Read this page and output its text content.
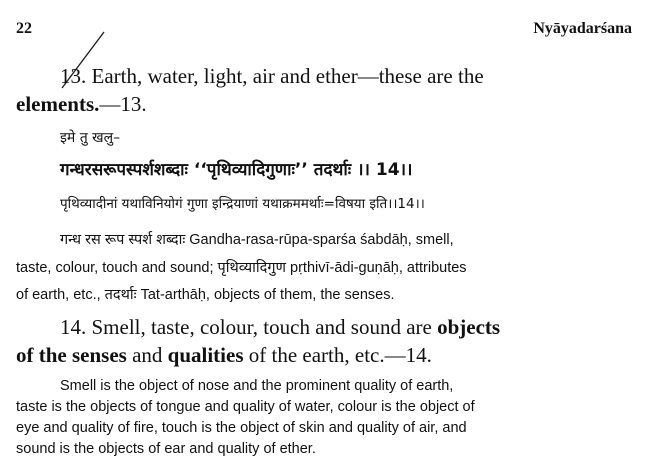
22	Nyāyadarśana
13. Earth, water, light, air and ether—these are the
elements.—13.
इमे तु खलु–
गन्धरसरूपस्पर्शशब्दाः ‘‘पृथिव्यादिगुणाः’’ तदर्थाः ।। 14।।
पृथिव्यादीनां यथाविनियोगं गुणा इन्द्रियाणां यथाक्रममर्थाः=विषया इति।।14।।
गन्ध रस रूप स्पर्श शब्दाः Gandha-rasa-rūpa-sparśa śabdāḥ, smell,
taste, colour, touch and sound; पृथिव्यादिगुण pṛthivī-ādi-guṇāḥ, attributes
of earth, etc., तदर्थाः Tat-arthāḥ, objects of them, the senses.
14. Smell, taste, colour, touch and sound are objects
of the senses and qualities of the earth, etc.—14.
Smell is the object of nose and the prominent quality of earth,
taste is the objects of tongue and quality of water, colour is the object of
eye and quality of fire, touch is the object of skin and quality of air, and
sound is the objects of ear and quality of ether.
